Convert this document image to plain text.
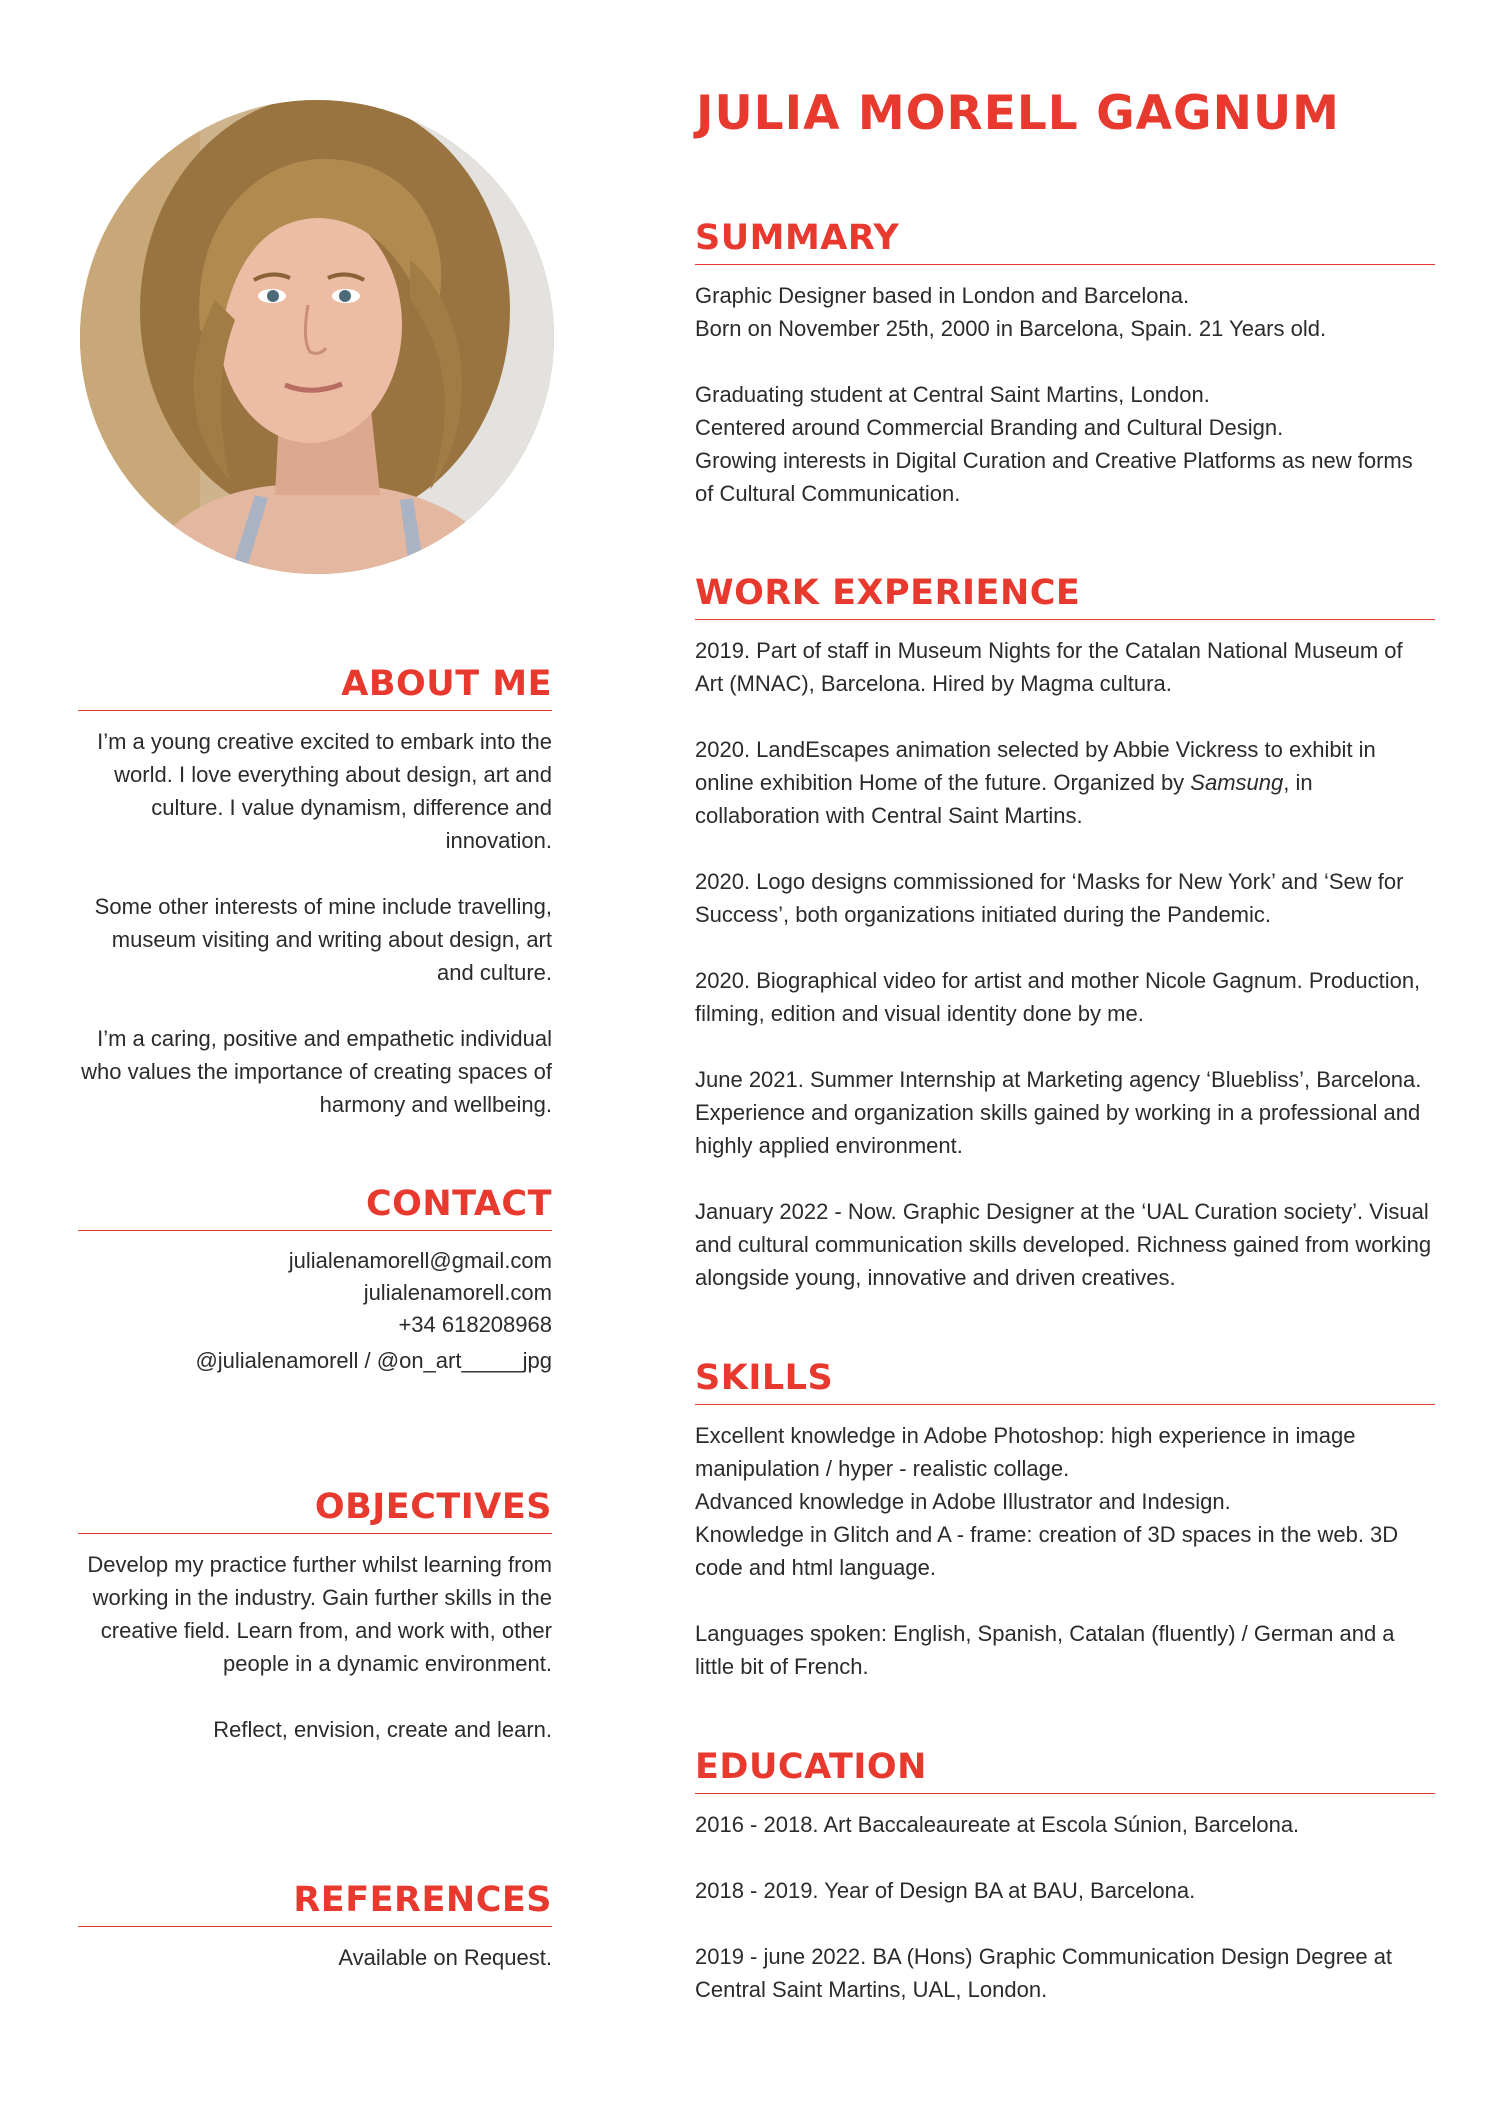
JULIA MORELL GAGNUM
ABOUT ME

I’m a young creative excited to embark into the world. I love everything about design, art and culture. I value dynamism, difference and innovation.

Some other interests of mine include travelling, museum visiting and writing about design, art and culture.

I’m a caring, positive and empathetic individual who values the importance of creating spaces of harmony and wellbeing.

CONTACT

julialenamorell@gmail.com

julialenamorell.com

+34 618208968

@julialenamorell / @on_art_____jpg

OBJECTIVES

Develop my practice further whilst learning from working in the industry. Gain further skills in the creative field. Learn from, and work with, other people in a dynamic environment.

Reflect, envision, create and learn.

REFERENCES

Available on Request.

SUMMARY

Graphic Designer based in London and Barcelona.

Born on November 25th, 2000 in Barcelona, Spain. 21 Years old.

Graduating student at Central Saint Martins, London.

Centered around Commercial Branding and Cultural Design.

Growing interests in Digital Curation and Creative Platforms as new forms of Cultural Communication.

WORK EXPERIENCE

2019. Part of staff in Museum Nights for the Catalan National Museum of Art (MNAC), Barcelona. Hired by Magma cultura.

2020. LandEscapes animation selected by Abbie Vickress to exhibit in online exhibition Home of the future. Organized by Samsung, in collaboration with Central Saint Martins.

2020. Logo designs commissioned for ‘Masks for New York’ and ‘Sew for Success’, both organizations initiated during the Pandemic.

2020. Biographical video for artist and mother Nicole Gagnum. Production, filming, edition and visual identity done by me.

June 2021. Summer Internship at Marketing agency ‘Bluebliss’, Barcelona. Experience and organization skills gained by working in a professional and highly applied environment.

January 2022 - Now. Graphic Designer at the ‘UAL Curation society’. Visual and cultural communication skills developed. Richness gained from working alongside young, innovative and driven creatives.

SKILLS

Excellent knowledge in Adobe Photoshop: high experience in image manipulation / hyper - realistic collage.

Advanced knowledge in Adobe Illustrator and Indesign.

Knowledge in Glitch and A - frame: creation of 3D spaces in the web. 3D code and html language.

Languages spoken: English, Spanish, Catalan (fluently) / German and a little bit of French.

EDUCATION

2016 - 2018. Art Baccaleaureate at Escola Súnion, Barcelona.

2018 - 2019. Year of Design BA at BAU, Barcelona.

2019 - june 2022. BA (Hons) Graphic Communication Design Degree at Central Saint Martins, UAL, London.
